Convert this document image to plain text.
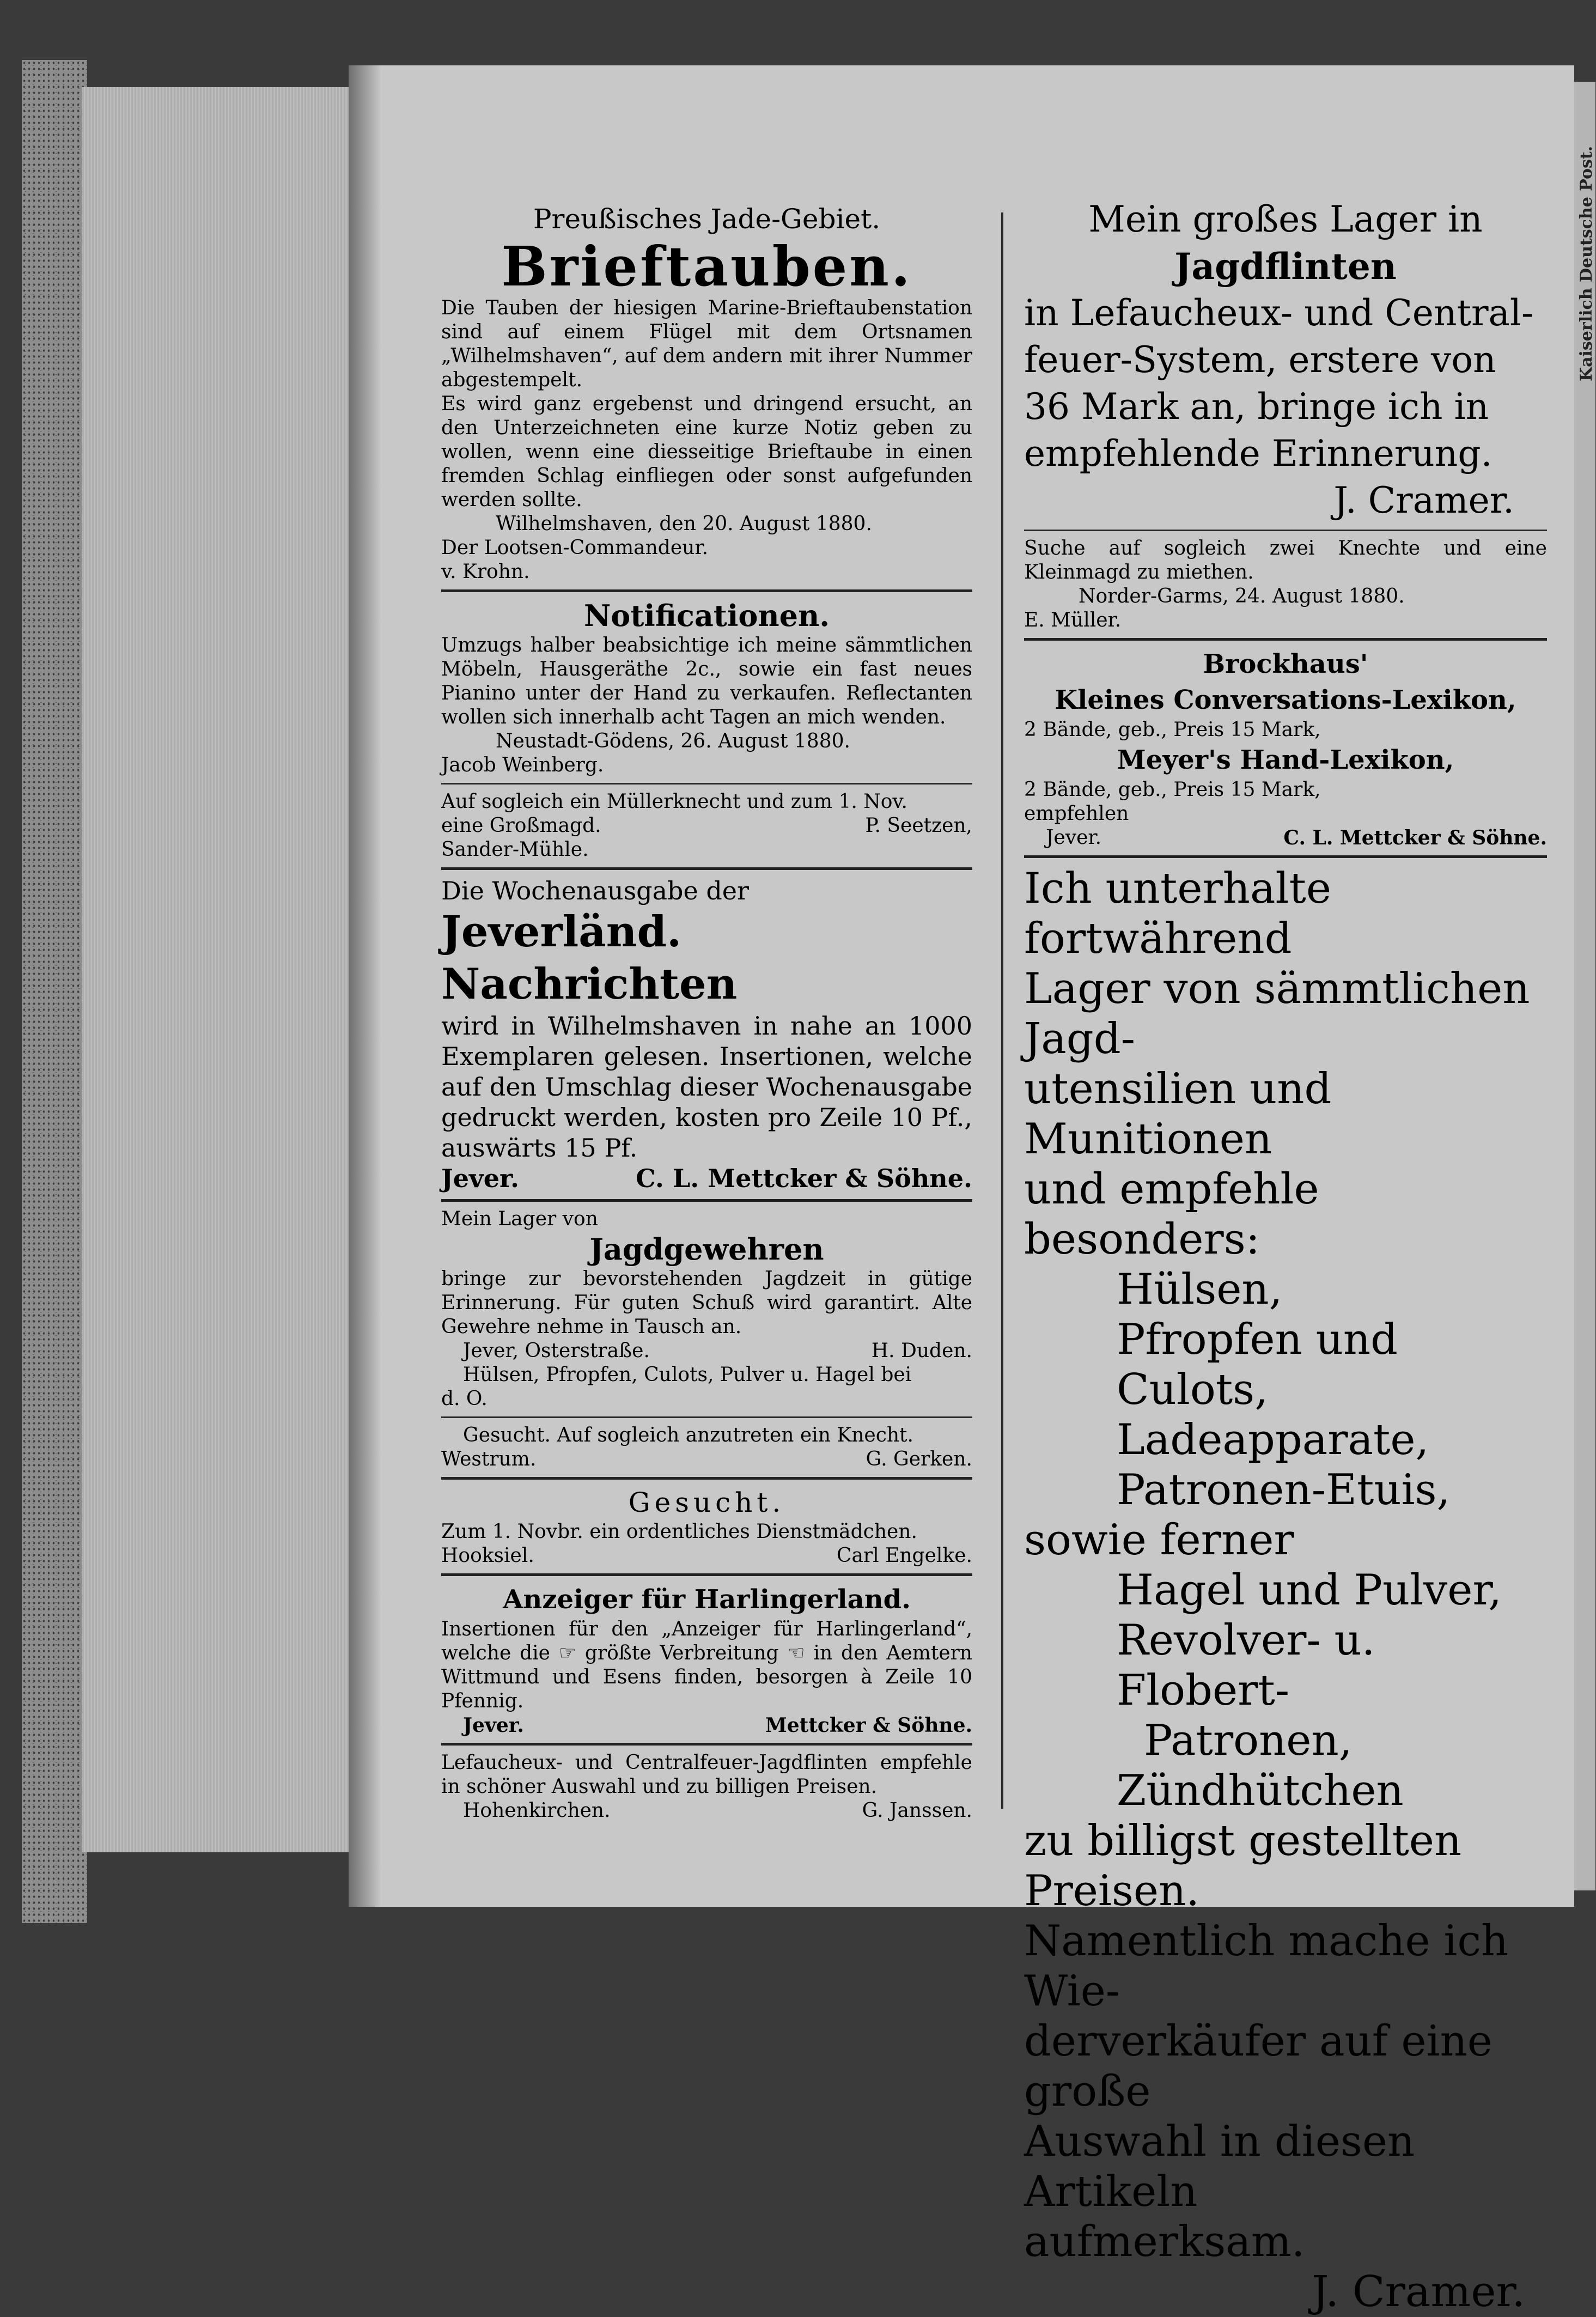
Kaiserlich Deutsche Post.

Preußisches Jade-Gebiet.

Brieftauben.

Die Tauben der hiesigen Marine-Brieftaubenstation sind auf einem Flügel mit dem Ortsnamen „Wilhelmshaven“, auf dem andern mit ihrer Nummer abgestempelt.

Es wird ganz ergebenst und dringend ersucht, an den Unterzeichneten eine kurze Notiz geben zu wollen, wenn eine diesseitige Brieftaube in einen fremden Schlag einfliegen oder sonst aufgefunden werden sollte.

Wilhelmshaven, den 20. August 1880.

Der Lootsen-Commandeur.

v. Krohn.

Notificationen.

Umzugs halber beabsichtige ich meine sämmtlichen Möbeln, Hausgeräthe 2c., sowie ein fast neues Pianino unter der Hand zu verkaufen. Reflectanten wollen sich innerhalb acht Tagen an mich wenden.

Neustadt-Gödens, 26. August 1880.

Jacob Weinberg.

Auf sogleich ein Müllerknecht und zum 1. Nov.

eine Großmagd.	P. Seetzen,

Sander-Mühle.

Die Wochenausgabe der

Jeverländ. Nachrichten

wird in Wilhelmshaven in nahe an 1000 Exemplaren gelesen. Insertionen, welche auf den Umschlag dieser Wochenausgabe gedruckt werden, kosten pro Zeile 10 Pf., auswärts 15 Pf.

Jever.	C. L. Mettcker & Söhne.

Mein Lager von

Jagdgewehren

bringe zur bevorstehenden Jagdzeit in gütige Erinnerung. Für guten Schuß wird garantirt. Alte Gewehre nehme in Tausch an.

Jever, Osterstraße.	H. Duden.

Hülsen, Pfropfen, Culots, Pulver u. Hagel bei

d. O.

Gesucht. Auf sogleich anzutreten ein Knecht.

Westrum.	G. Gerken.

Gesucht.

Zum 1. Novbr. ein ordentliches Dienstmädchen.

Hooksiel.	Carl Engelke.

Anzeiger für Harlingerland.

Insertionen für den „Anzeiger für Harlingerland“, welche die ☞ größte Verbreitung ☜ in den Aemtern Wittmund und Esens finden, besorgen à Zeile 10 Pfennig.

Jever.	Mettcker & Söhne.

Lefaucheux- und Centralfeuer-Jagdflinten empfehle in schöner Auswahl und zu billigen Preisen.

Hohenkirchen.	G. Janssen.

Mein großes Lager in

Jagdflinten

in Lefaucheux- und Central-

feuer-System, erstere von

36 Mark an, bringe ich in

empfehlende Erinnerung.

J. Cramer.

Suche auf sogleich zwei Knechte und eine Kleinmagd zu miethen.

Norder-Garms, 24. August 1880.

E. Müller.

Brockhaus'

Kleines Conversations-Lexikon,

2 Bände, geb., Preis 15 Mark,

Meyer's Hand-Lexikon,

2 Bände, geb., Preis 15 Mark,

empfehlen

Jever.	C. L. Mettcker & Söhne.

Ich unterhalte fortwährend

Lager von sämmtlichen Jagd-

utensilien und Munitionen

und empfehle besonders:

Hülsen,

Pfropfen und Culots,

Ladeapparate,

Patronen-Etuis,

sowie ferner

Hagel und Pulver,

Revolver- u. Flobert-

Patronen,

Zündhütchen

zu billigst gestellten Preisen.

Namentlich mache ich Wie-

derverkäufer auf eine große

Auswahl in diesen Artikeln

aufmerksam.

J. Cramer.
